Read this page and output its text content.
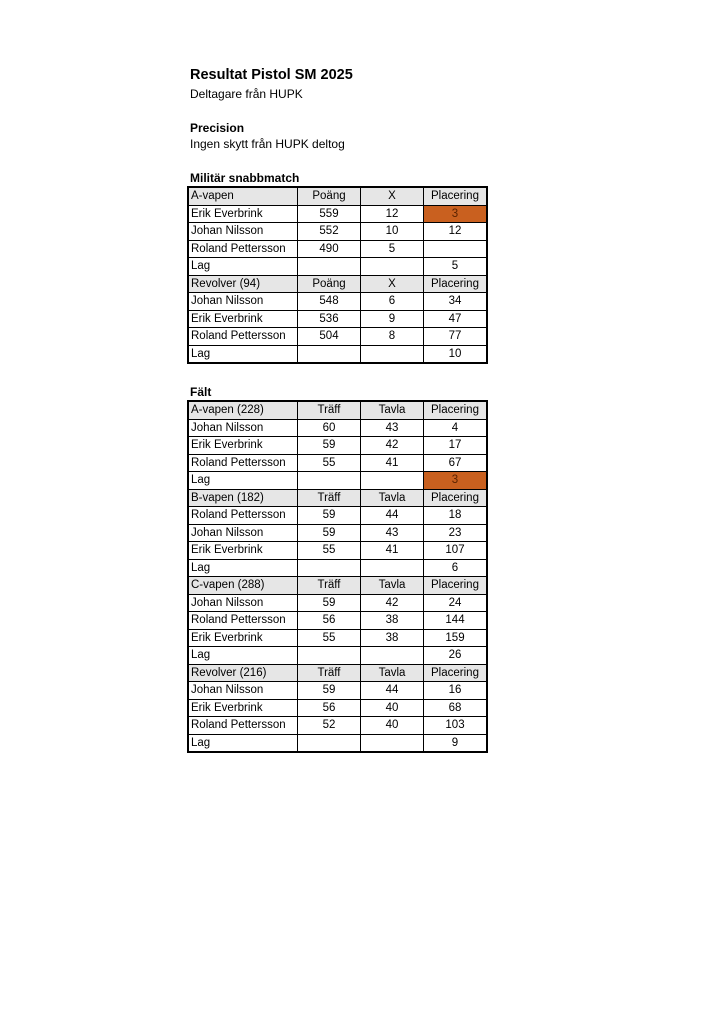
Resultat Pistol SM 2025

Deltagare från HUPK

Precision

Ingen skytt från HUPK deltog

Militär snabbmatch

A-vapen	Poäng	X	Placering
Erik Everbrink	559	12	3
Johan Nilsson	552	10	12
Roland Pettersson	490	5	
Lag			5
Revolver (94)	Poäng	X	Placering
Johan Nilsson	548	6	34
Erik Everbrink	536	9	47
Roland Pettersson	504	8	77
Lag			10

Fält

A-vapen (228)	Träff	Tavla	Placering
Johan Nilsson	60	43	4
Erik Everbrink	59	42	17
Roland Pettersson	55	41	67
Lag			3
B-vapen (182)	Träff	Tavla	Placering
Roland Pettersson	59	44	18
Johan Nilsson	59	43	23
Erik Everbrink	55	41	107
Lag			6
C-vapen (288)	Träff	Tavla	Placering
Johan Nilsson	59	42	24
Roland Pettersson	56	38	144
Erik Everbrink	55	38	159
Lag			26
Revolver (216)	Träff	Tavla	Placering
Johan Nilsson	59	44	16
Erik Everbrink	56	40	68
Roland Pettersson	52	40	103
Lag			9
